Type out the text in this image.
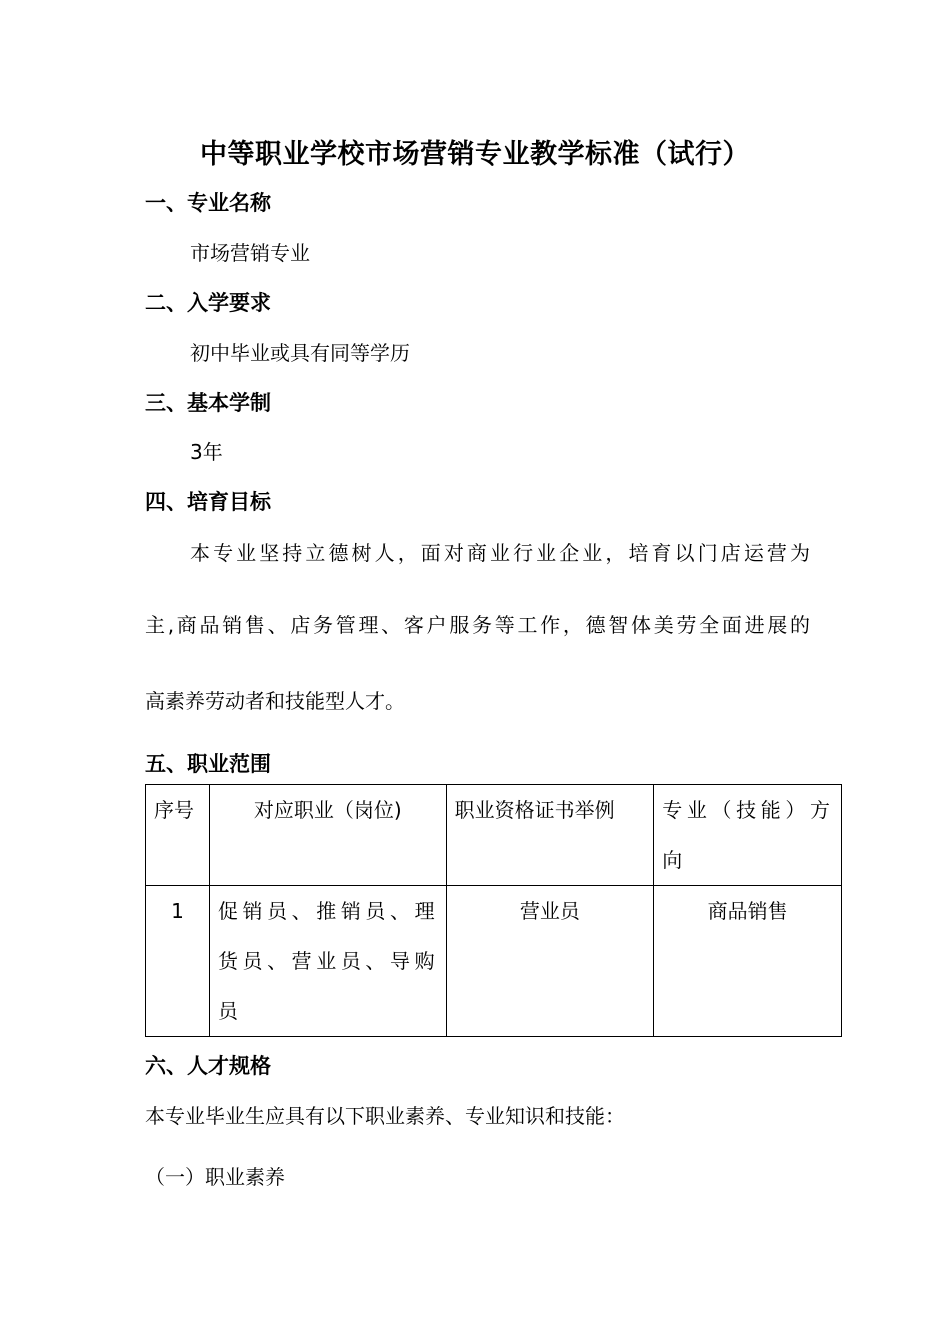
中等职业学校市场营销专业教学标准（试行）
一、专业名称
市场营销专业
二、入学要求
初中毕业或具有同等学历
三、基本学制
3年
四、培育目标
本专业坚持立德树人，面对商业行业企业，培育以门店运营为
主,商品销售、店务管理、客户服务等工作，德智体美劳全面进展的
高素养劳动者和技能型人才。
五、职业范围
序号	对应职业（岗位)	职业资格证书举例	专业（技能）方向

1	促销员、推销员、理货员、营业员、导购员	营业员	商品销售
六、人才规格
本专业毕业生应具有以下职业素养、专业知识和技能：
（一）职业素养
